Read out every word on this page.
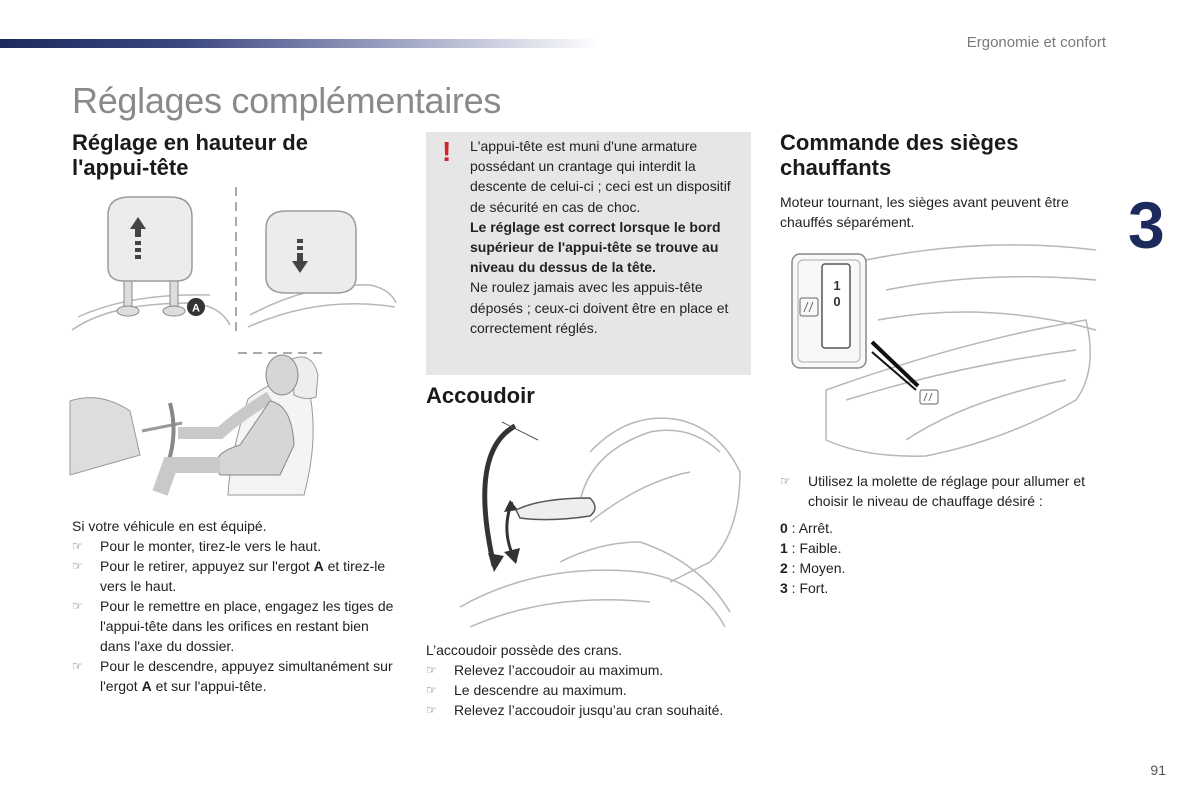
Ergonomie et confort
Réglages complémentaires
3
Réglage en hauteur de
l'appui-tête
A
Si votre véhicule en est équipé.
☞ Pour le monter, tirez-le vers le haut.
☞ Pour le retirer, appuyez sur l'ergot A et tirez-le vers le haut.
☞ Pour le remettre en place, engagez les tiges de l'appui-tête dans les orifices en restant bien dans l'axe du dossier.
☞ Pour le descendre, appuyez simultanément sur l'ergot A et sur l'appui-tête.
! L'appui-tête est muni d'une armature possédant un crantage qui interdit la descente de celui-ci ; ceci est un dispositif de sécurité en cas de choc.
Le réglage est correct lorsque le bord supérieur de l'appui-tête se trouve au niveau du dessus de la tête.
Ne roulez jamais avec les appuis-tête déposés ; ceux-ci doivent être en place et correctement réglés.
Accoudoir
L’accoudoir possède des crans.
☞ Relevez l’accoudoir au maximum.
☞ Le descendre au maximum.
☞ Relevez l’accoudoir jusqu’au cran souhaité.
Commande des sièges
chauffants
Moteur tournant, les sièges avant peuvent être chauffés séparément.
1
0
☞ Utilisez la molette de réglage pour allumer et choisir le niveau de chauffage désiré :
0 : Arrêt.
1 : Faible.
2 : Moyen.
3 : Fort.
91
